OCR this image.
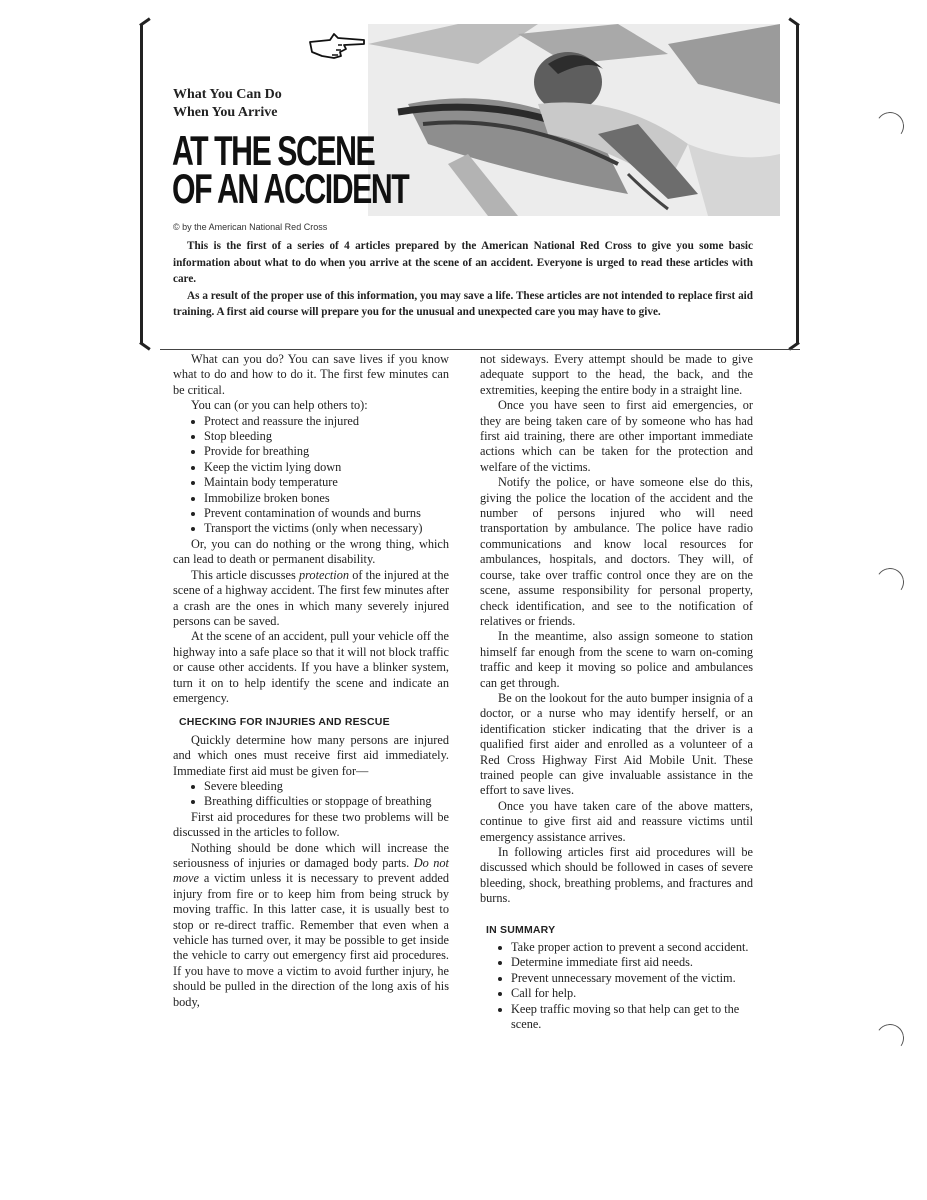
What You Can Do
When You Arrive
AT THE SCENE
OF AN ACCIDENT
© by the American National Red Cross

This is the first of a series of 4 articles prepared by the American National Red Cross to give you some basic information about what to do when you arrive at the scene of an accident. Everyone is urged to read these articles with care.

As a result of the proper use of this information, you may save a life. These articles are not intended to replace first aid training. A first aid course will prepare you for the unusual and unexpected care you may have to give.

What can you do? You can save lives if you know what to do and how to do it. The first few minutes can be critical.

You can (or you can help others to):

Protect and reassure the injured
Stop bleeding
Provide for breathing
Keep the victim lying down
Maintain body temperature
Immobilize broken bones
Prevent contamination of wounds and burns
Transport the victims (only when necessary)

Or, you can do nothing or the wrong thing, which can lead to death or permanent disability.

This article discusses protection of the injured at the scene of a highway accident. The first few minutes after a crash are the ones in which many severely injured persons can be saved.

At the scene of an accident, pull your vehicle off the highway into a safe place so that it will not block traffic or cause other accidents. If you have a blinker system, turn it on to help identify the scene and indicate an emergency.

CHECKING FOR INJURIES AND RESCUE

Quickly determine how many persons are injured and which ones must receive first aid immediately. Immediate first aid must be given for—

Severe bleeding
Breathing difficulties or stoppage of breathing

First aid procedures for these two problems will be discussed in the articles to follow.

Nothing should be done which will increase the seriousness of injuries or damaged body parts. Do not move a victim unless it is necessary to prevent added injury from fire or to keep him from being struck by moving traffic. In this latter case, it is usually best to stop or re-direct traffic. Remember that even when a vehicle has turned over, it may be possible to get inside the vehicle to carry out emergency first aid procedures. If you have to move a victim to avoid further injury, he should be pulled in the direction of the long axis of his body,

not sideways. Every attempt should be made to give adequate support to the head, the back, and the extremities, keeping the entire body in a straight line.

Once you have seen to first aid emergencies, or they are being taken care of by someone who has had first aid training, there are other important immediate actions which can be taken for the protection and welfare of the victims.

Notify the police, or have someone else do this, giving the police the location of the accident and the number of persons injured who will need transportation by ambulance. The police have radio communications and know local resources for ambulances, hospitals, and doctors. They will, of course, take over traffic control once they are on the scene, assume responsibility for personal property, check identification, and see to the notification of relatives or friends.

In the meantime, also assign someone to station himself far enough from the scene to warn on-coming traffic and keep it moving so police and ambulances can get through.

Be on the lookout for the auto bumper insignia of a doctor, or a nurse who may identify herself, or an identification sticker indicating that the driver is a qualified first aider and enrolled as a volunteer of a Red Cross Highway First Aid Mobile Unit. These trained people can give invaluable assistance in the effort to save lives.

Once you have taken care of the above matters, continue to give first aid and reassure victims until emergency assistance arrives.

In following articles first aid procedures will be discussed which should be followed in cases of severe bleeding, shock, breathing problems, and fractures and burns.

IN SUMMARY
Take proper action to prevent a second accident.
Determine immediate first aid needs.
Prevent unnecessary movement of the victim.
Call for help.
Keep traffic moving so that help can get to the scene.
